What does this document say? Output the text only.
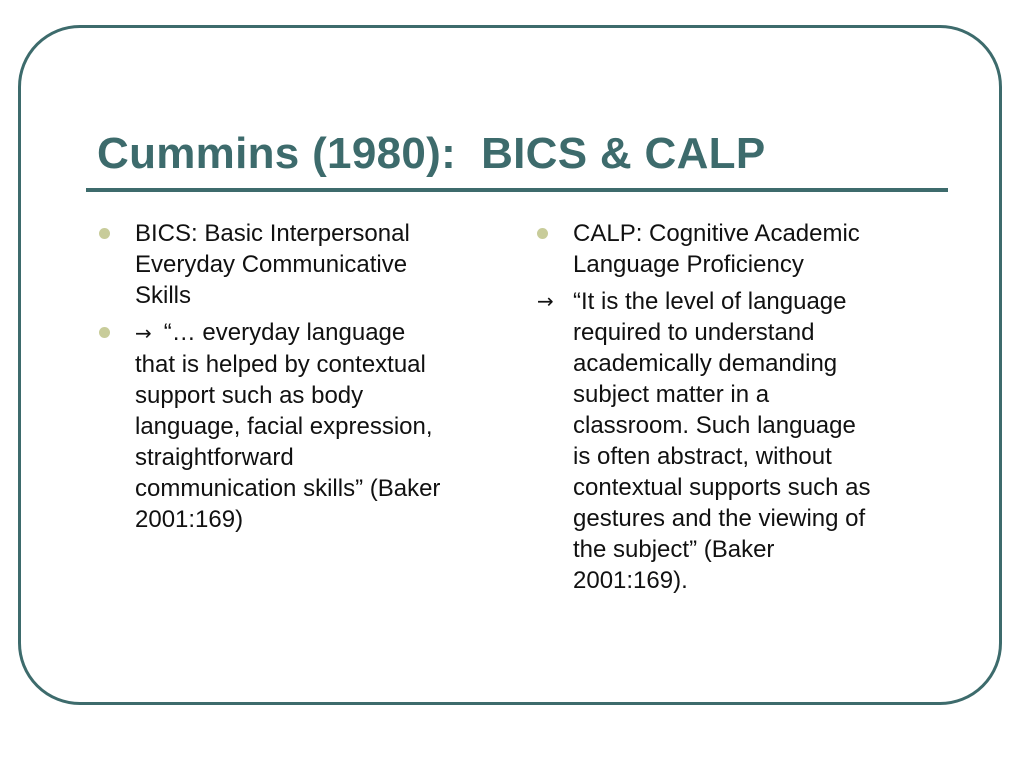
Cummins (1980):  BICS & CALP
BICS: Basic Interpersonal
Everyday Communicative
Skills
→ “… everyday language
that is helped by contextual
support such as body
language, facial expression,
straightforward
communication skills” (Baker
2001:169)
CALP: Cognitive Academic
Language Proficiency
→ “It is the level of language
required to understand
academically demanding
subject matter in a
classroom. Such language
is often abstract, without
contextual supports such as
gestures and the viewing of
the subject” (Baker
2001:169).
